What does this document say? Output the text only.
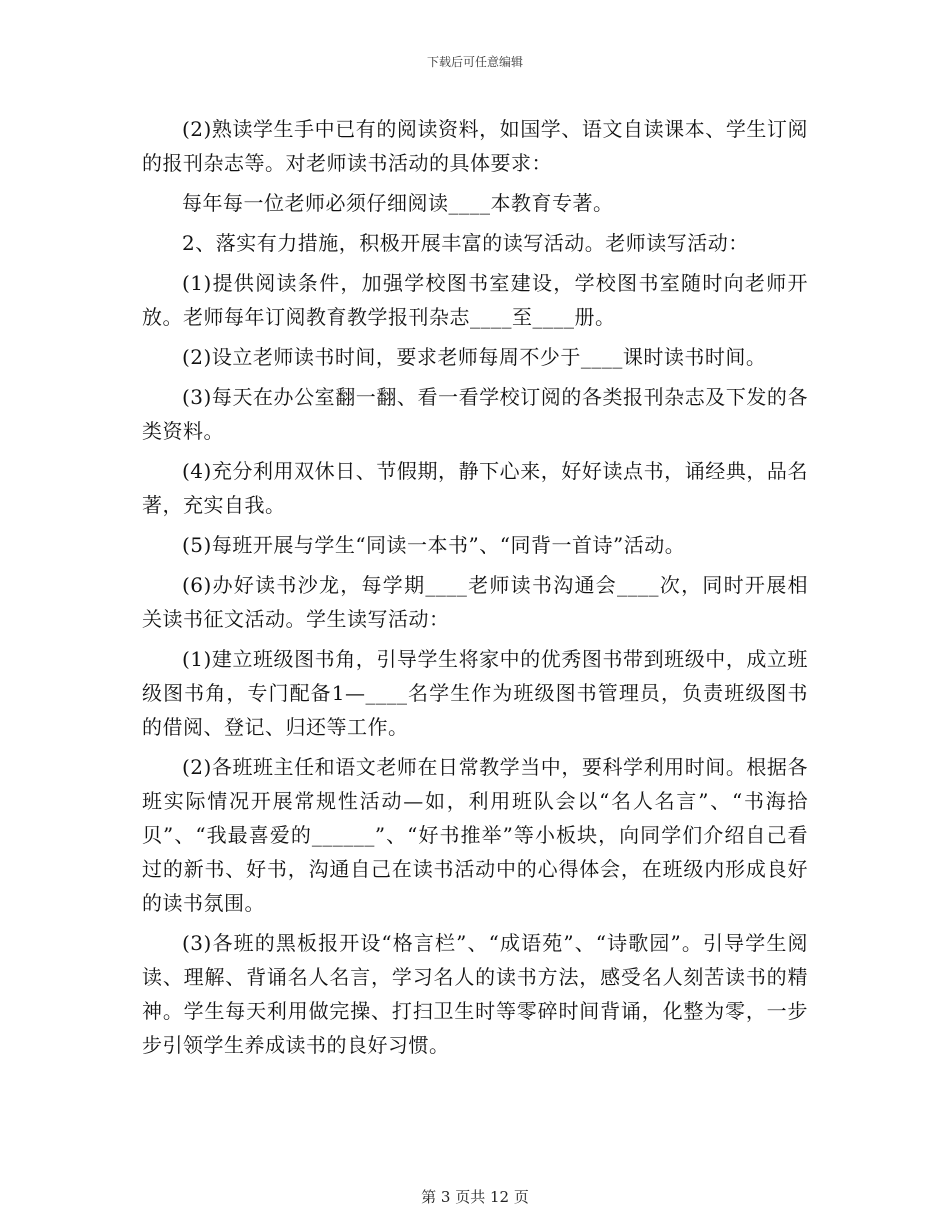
下载后可任意编辑

(2)熟读学生手中已有的阅读资料，如国学、语文自读课本、学生订阅的报刊杂志等。对老师读书活动的具体要求：

每年每一位老师必须仔细阅读____本教育专著。

2、落实有力措施，积极开展丰富的读写活动。老师读写活动：

(1)提供阅读条件，加强学校图书室建设，学校图书室随时向老师开放。老师每年订阅教育教学报刊杂志____至____册。

(2)设立老师读书时间，要求老师每周不少于____课时读书时间。

(3)每天在办公室翻一翻、看一看学校订阅的各类报刊杂志及下发的各类资料。

(4)充分利用双休日、节假期，静下心来，好好读点书，诵经典，品名著，充实自我。

(5)每班开展与学生“同读一本书”、“同背一首诗”活动。

(6)办好读书沙龙，每学期____老师读书沟通会____次，同时开展相关读书征文活动。学生读写活动：

(1)建立班级图书角，引导学生将家中的优秀图书带到班级中，成立班级图书角，专门配备1—____名学生作为班级图书管理员，负责班级图书的借阅、登记、归还等工作。

(2)各班班主任和语文老师在日常教学当中，要科学利用时间。根据各班实际情况开展常规性活动—如，利用班队会以“名人名言”、“书海拾贝”、“我最喜爱的______”、“好书推举”等小板块，向同学们介绍自己看过的新书、好书，沟通自己在读书活动中的心得体会，在班级内形成良好的读书氛围。

(3)各班的黑板报开设“格言栏”、“成语苑”、“诗歌园”。引导学生阅读、理解、背诵名人名言，学习名人的读书方法，感受名人刻苦读书的精神。学生每天利用做完操、打扫卫生时等零碎时间背诵，化整为零，一步步引领学生养成读书的良好习惯。

第 3 页共 12 页
